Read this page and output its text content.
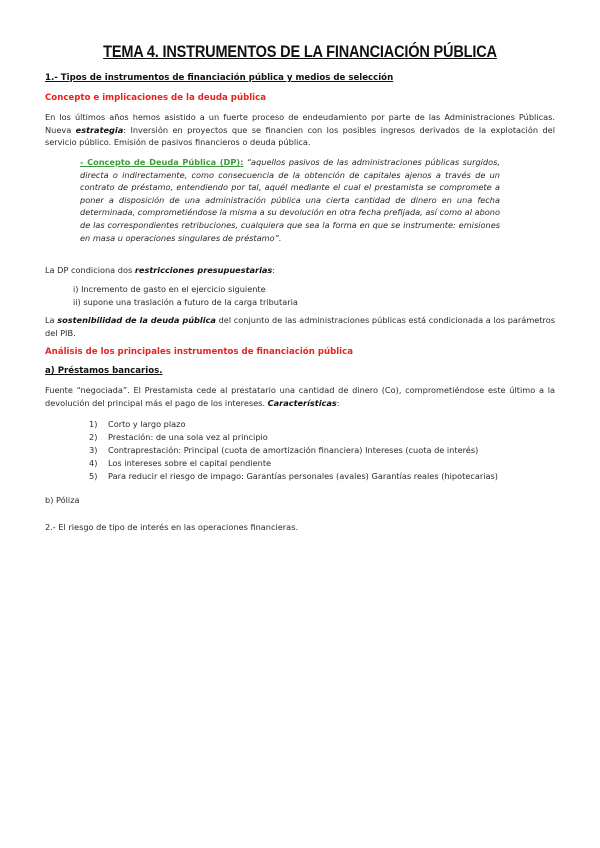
TEMA 4. INSTRUMENTOS DE LA FINANCIACIÓN PÚBLICA
1.- Tipos de instrumentos de financiación pública y medios de selección
Concepto e implicaciones de la deuda pública
En los últimos años hemos asistido a un fuerte proceso de endeudamiento por parte de las Administraciones Públicas. Nueva estrategia: Inversión en proyectos que se financien con los posibles ingresos derivados de la explotación del servicio público. Emisión de pasivos financieros o deuda pública.
- Concepto de Deuda Pública (DP): “aquellos pasivos de las administraciones públicas surgidos, directa o indirectamente, como consecuencia de la obtención de capitales ajenos a través de un contrato de préstamo, entendiendo por tal, aquél mediante el cual el prestamista se compromete a poner a disposición de una administración pública una cierta cantidad de dinero en una fecha determinada, comprometiéndose la misma a su devolución en otra fecha prefijada, así como al abono de las correspondientes retribuciones, cualquiera que sea la forma en que se instrumente: emisiones en masa u operaciones singulares de préstamo”.
La DP condiciona dos restricciones presupuestarias:
i) Incremento de gasto en el ejercicio siguiente
ii) supone una traslación a futuro de la carga tributaria
La sostenibilidad de la deuda pública del conjunto de las administraciones públicas está condicionada a los parámetros del PIB.
Análisis de los principales instrumentos de financiación pública
a) Préstamos bancarios.
Fuente “negociada”. El Prestamista cede al prestatario una cantidad de dinero (Co), comprometiéndose este último a la devolución del principal más el pago de los intereses. Características:
1) Corto y largo plazo
2) Prestación: de una sola vez al principio
3) Contraprestación: Principal (cuota de amortización financiera) Intereses (cuota de interés)
4) Los intereses sobre el capital pendiente
5) Para reducir el riesgo de impago: Garantías personales (avales) Garantías reales (hipotecarias)
b) Póliza
2.- El riesgo de tipo de interés en las operaciones financieras.
